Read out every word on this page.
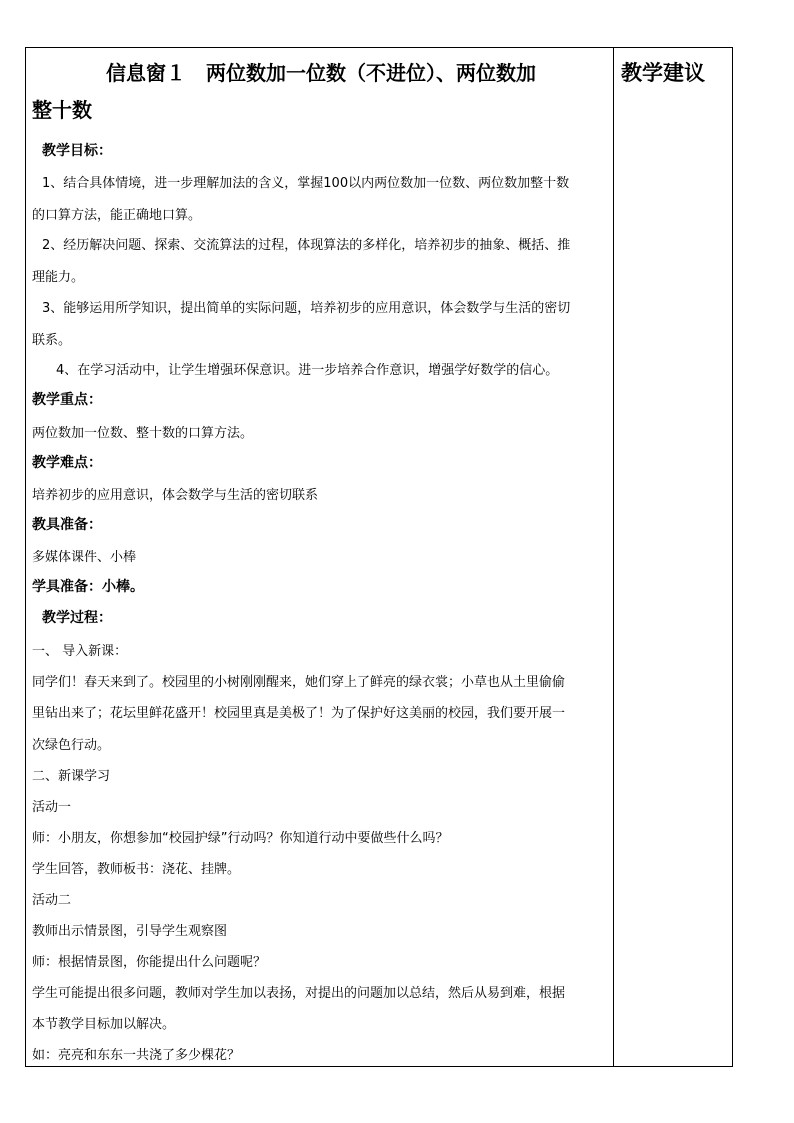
信息窗１　两位数加一位数（不进位）、两位数加
整十数
教学目标：
1、结合具体情境，进一步理解加法的含义，掌握100以内两位数加一位数、两位数加整十数
的口算方法，能正确地口算。
2、经历解决问题、探索、交流算法的过程，体现算法的多样化，培养初步的抽象、概括、推
理能力。
3、能够运用所学知识，提出简单的实际问题，培养初步的应用意识，体会数学与生活的密切
联系。
4、在学习活动中，让学生增强环保意识。进一步培养合作意识，增强学好数学的信心。
教学重点：
两位数加一位数、整十数的口算方法。
教学难点：
培养初步的应用意识，体会数学与生活的密切联系
教具准备：
多媒体课件、小棒
学具准备：小棒。
教学过程：
一、 导入新课：
同学们！春天来到了。校园里的小树刚刚醒来，她们穿上了鲜亮的绿衣裳；小草也从土里偷偷
里钻出来了；花坛里鲜花盛开！校园里真是美极了！为了保护好这美丽的校园，我们要开展一
次绿色行动。
二、新课学习
活动一
师：小朋友，你想参加“校园护绿”行动吗？你知道行动中要做些什么吗？
学生回答，教师板书：浇花、挂牌。
活动二
教师出示情景图，引导学生观察图
师：根据情景图，你能提出什么问题呢？
学生可能提出很多问题，教师对学生加以表扬，对提出的问题加以总结，然后从易到难，根据
本节教学目标加以解决。
如：亮亮和东东一共浇了多少棵花？
教学建议
